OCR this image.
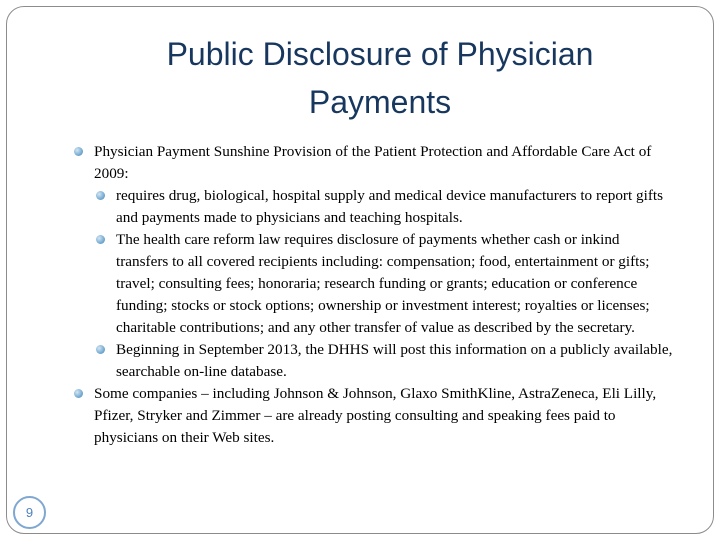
Public Disclosure of Physician
Payments
Physician Payment Sunshine Provision of the Patient Protection and Affordable Care Act of 2009:
requires drug, biological, hospital supply and medical device manufacturers to report gifts and payments made to physicians and teaching hospitals.
The health care reform law requires disclosure of payments whether cash or inkind transfers to all covered recipients including: compensation; food, entertainment or gifts; travel; consulting fees; honoraria; research funding or grants; education or conference funding; stocks or stock options; ownership or investment interest; royalties or licenses; charitable contributions; and any other transfer of value as described by the secretary.
Beginning in September 2013, the DHHS will post this information on a publicly available, searchable on-line database.
Some companies – including Johnson & Johnson, Glaxo SmithKline, AstraZeneca, Eli Lilly, Pfizer, Stryker and Zimmer – are already posting consulting and speaking fees paid to physicians on their Web sites.
9
